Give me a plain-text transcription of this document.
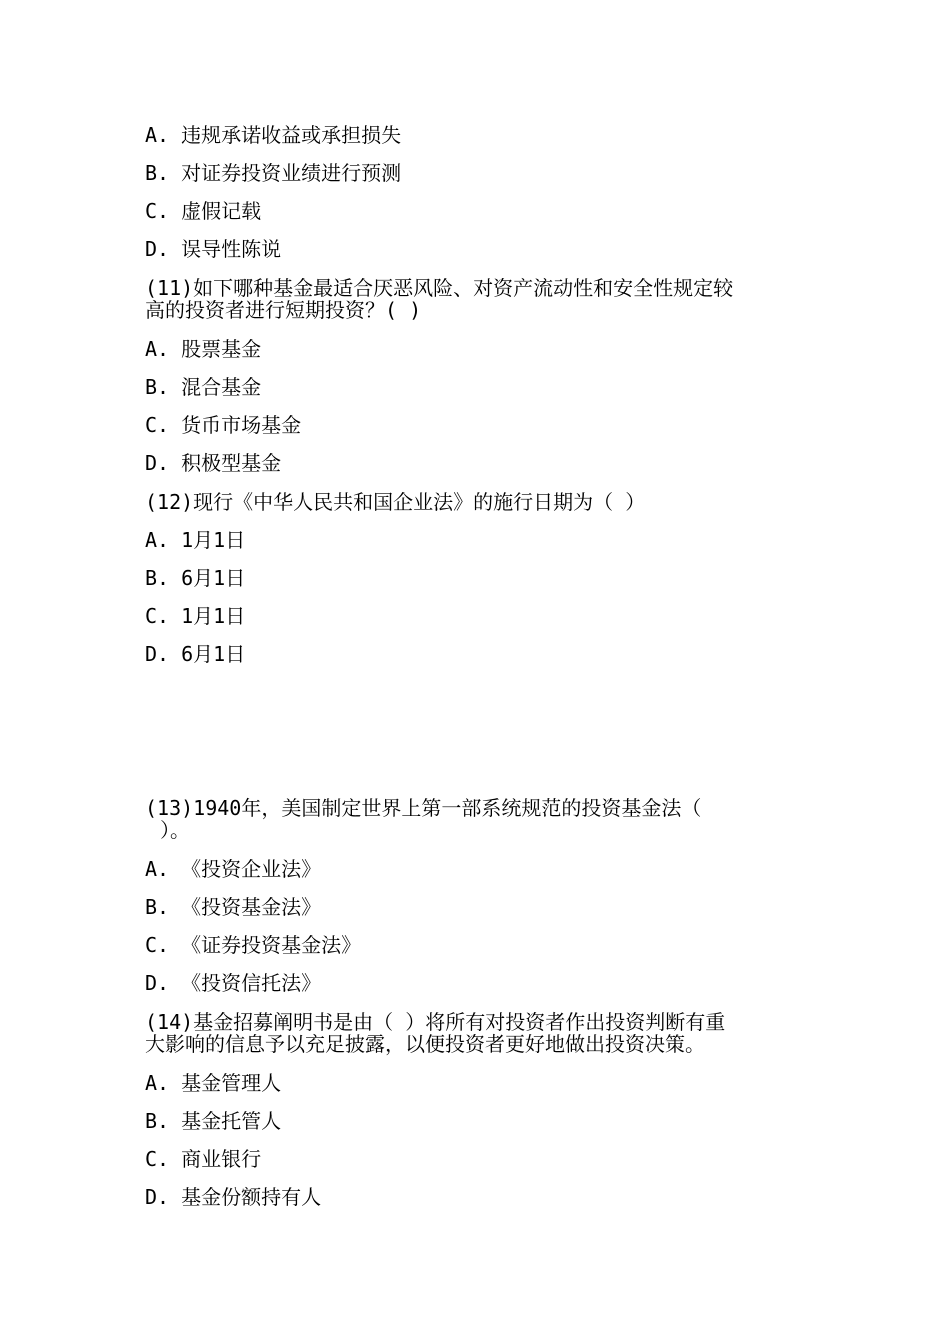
A. 违规承诺收益或承担损失

B. 对证券投资业绩进行预测

C. 虚假记载

D. 误导性陈说

(11)如下哪种基金最适合厌恶风险、对资产流动性和安全性规定较

高的投资者进行短期投资？( )

A. 股票基金

B. 混合基金

C. 货币市场基金

D. 积极型基金

(12)现行《中华人民共和国企业法》的施行日期为（ ）

A. 1月1日

B. 6月1日

C. 1月1日

D. 6月1日

(13)1940年，美国制定世界上第一部系统规范的投资基金法（

）。

A. 《投资企业法》

B. 《投资基金法》

C. 《证券投资基金法》

D. 《投资信托法》

(14)基金招募阐明书是由（ ）将所有对投资者作出投资判断有重

大影响的信息予以充足披露，以便投资者更好地做出投资决策。

A. 基金管理人

B. 基金托管人

C. 商业银行

D. 基金份额持有人
